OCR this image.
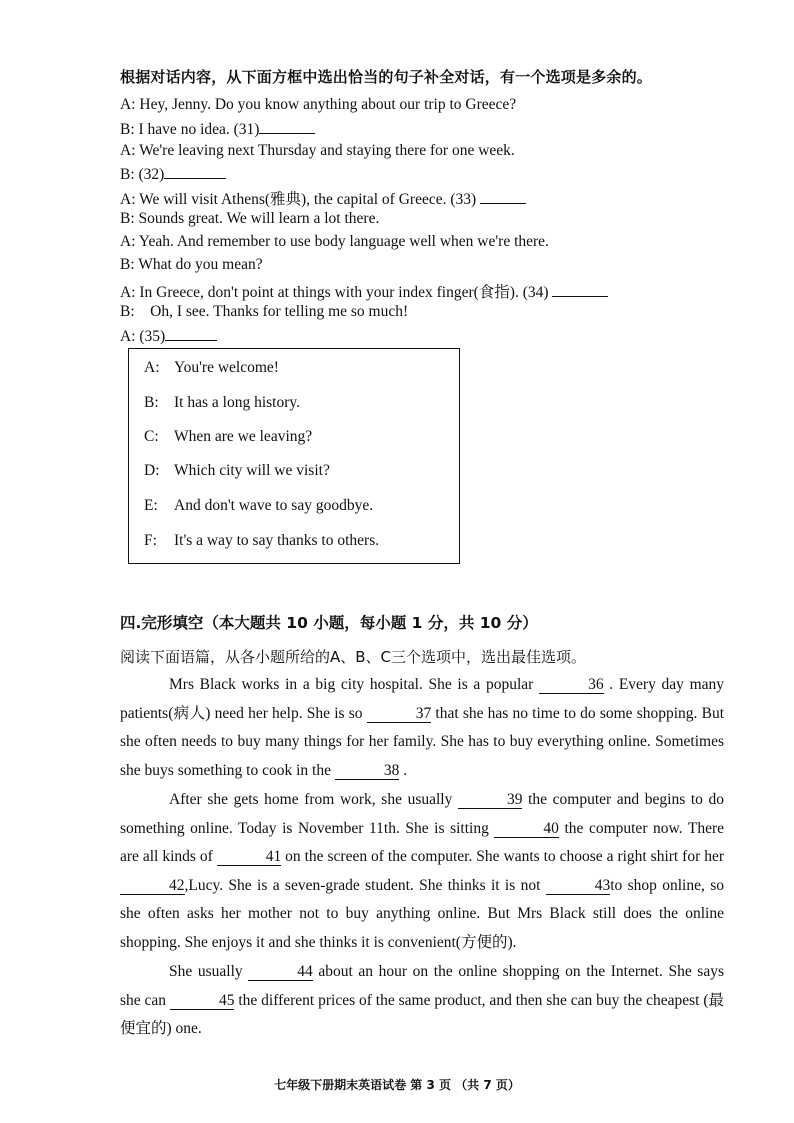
根据对话内容，从下面方框中选出恰当的句子补全对话，有一个选项是多余的。
A: Hey, Jenny. Do you know anything about our trip to Greece?
B: I have no idea. (31)
A: We're leaving next Thursday and staying there for one week.
B: (32)
A: We will visit Athens(雅典), the capital of Greece. (33)
B: Sounds great. We will learn a lot there.
A: Yeah. And remember to use body language well when we're there.
B: What do you mean?
A: In Greece, don't point at things with your index finger(食指). (34)
B:    Oh, I see. Thanks for telling me so much!
A: (35)
A: You're welcome!
B: It has a long history.
C: When are we leaving?
D: Which city will we visit?
E: And don't wave to say goodbye.
F: It's a way to say thanks to others.
四.完形填空（本大题共 10 小题，每小题 1 分，共 10 分）
阅读下面语篇，从各小题所给的A、B、C三个选项中，选出最佳选项。

Mrs Black works in a big city hospital. She is a popular	36 . Every day many patients(病人) need her help. She is so	37 that she has no time to do some shopping. But she often needs to buy many things for her family. She has to buy everything online. Sometimes she buys something to cook in the	38 .

After she gets home from work, she usually	39 the computer and begins to do something online. Today is November 11th. She is sitting	40 the computer now. There are all kinds of	41 on the screen of the computer. She wants to choose a right shirt for her 42,Lucy. She is a seven-grade student. She thinks it is not	43to shop online, so she often asks her mother not to buy anything online. But Mrs Black still does the online shopping. She enjoys it and she thinks it is convenient(方便的).

She usually	44 about an hour on the online shopping on the Internet. She says she can	45 the different prices of the same product, and then she can buy the cheapest (最便宜的) one.

七年级下册期末英语试卷 第 3 页 （共 7 页）
